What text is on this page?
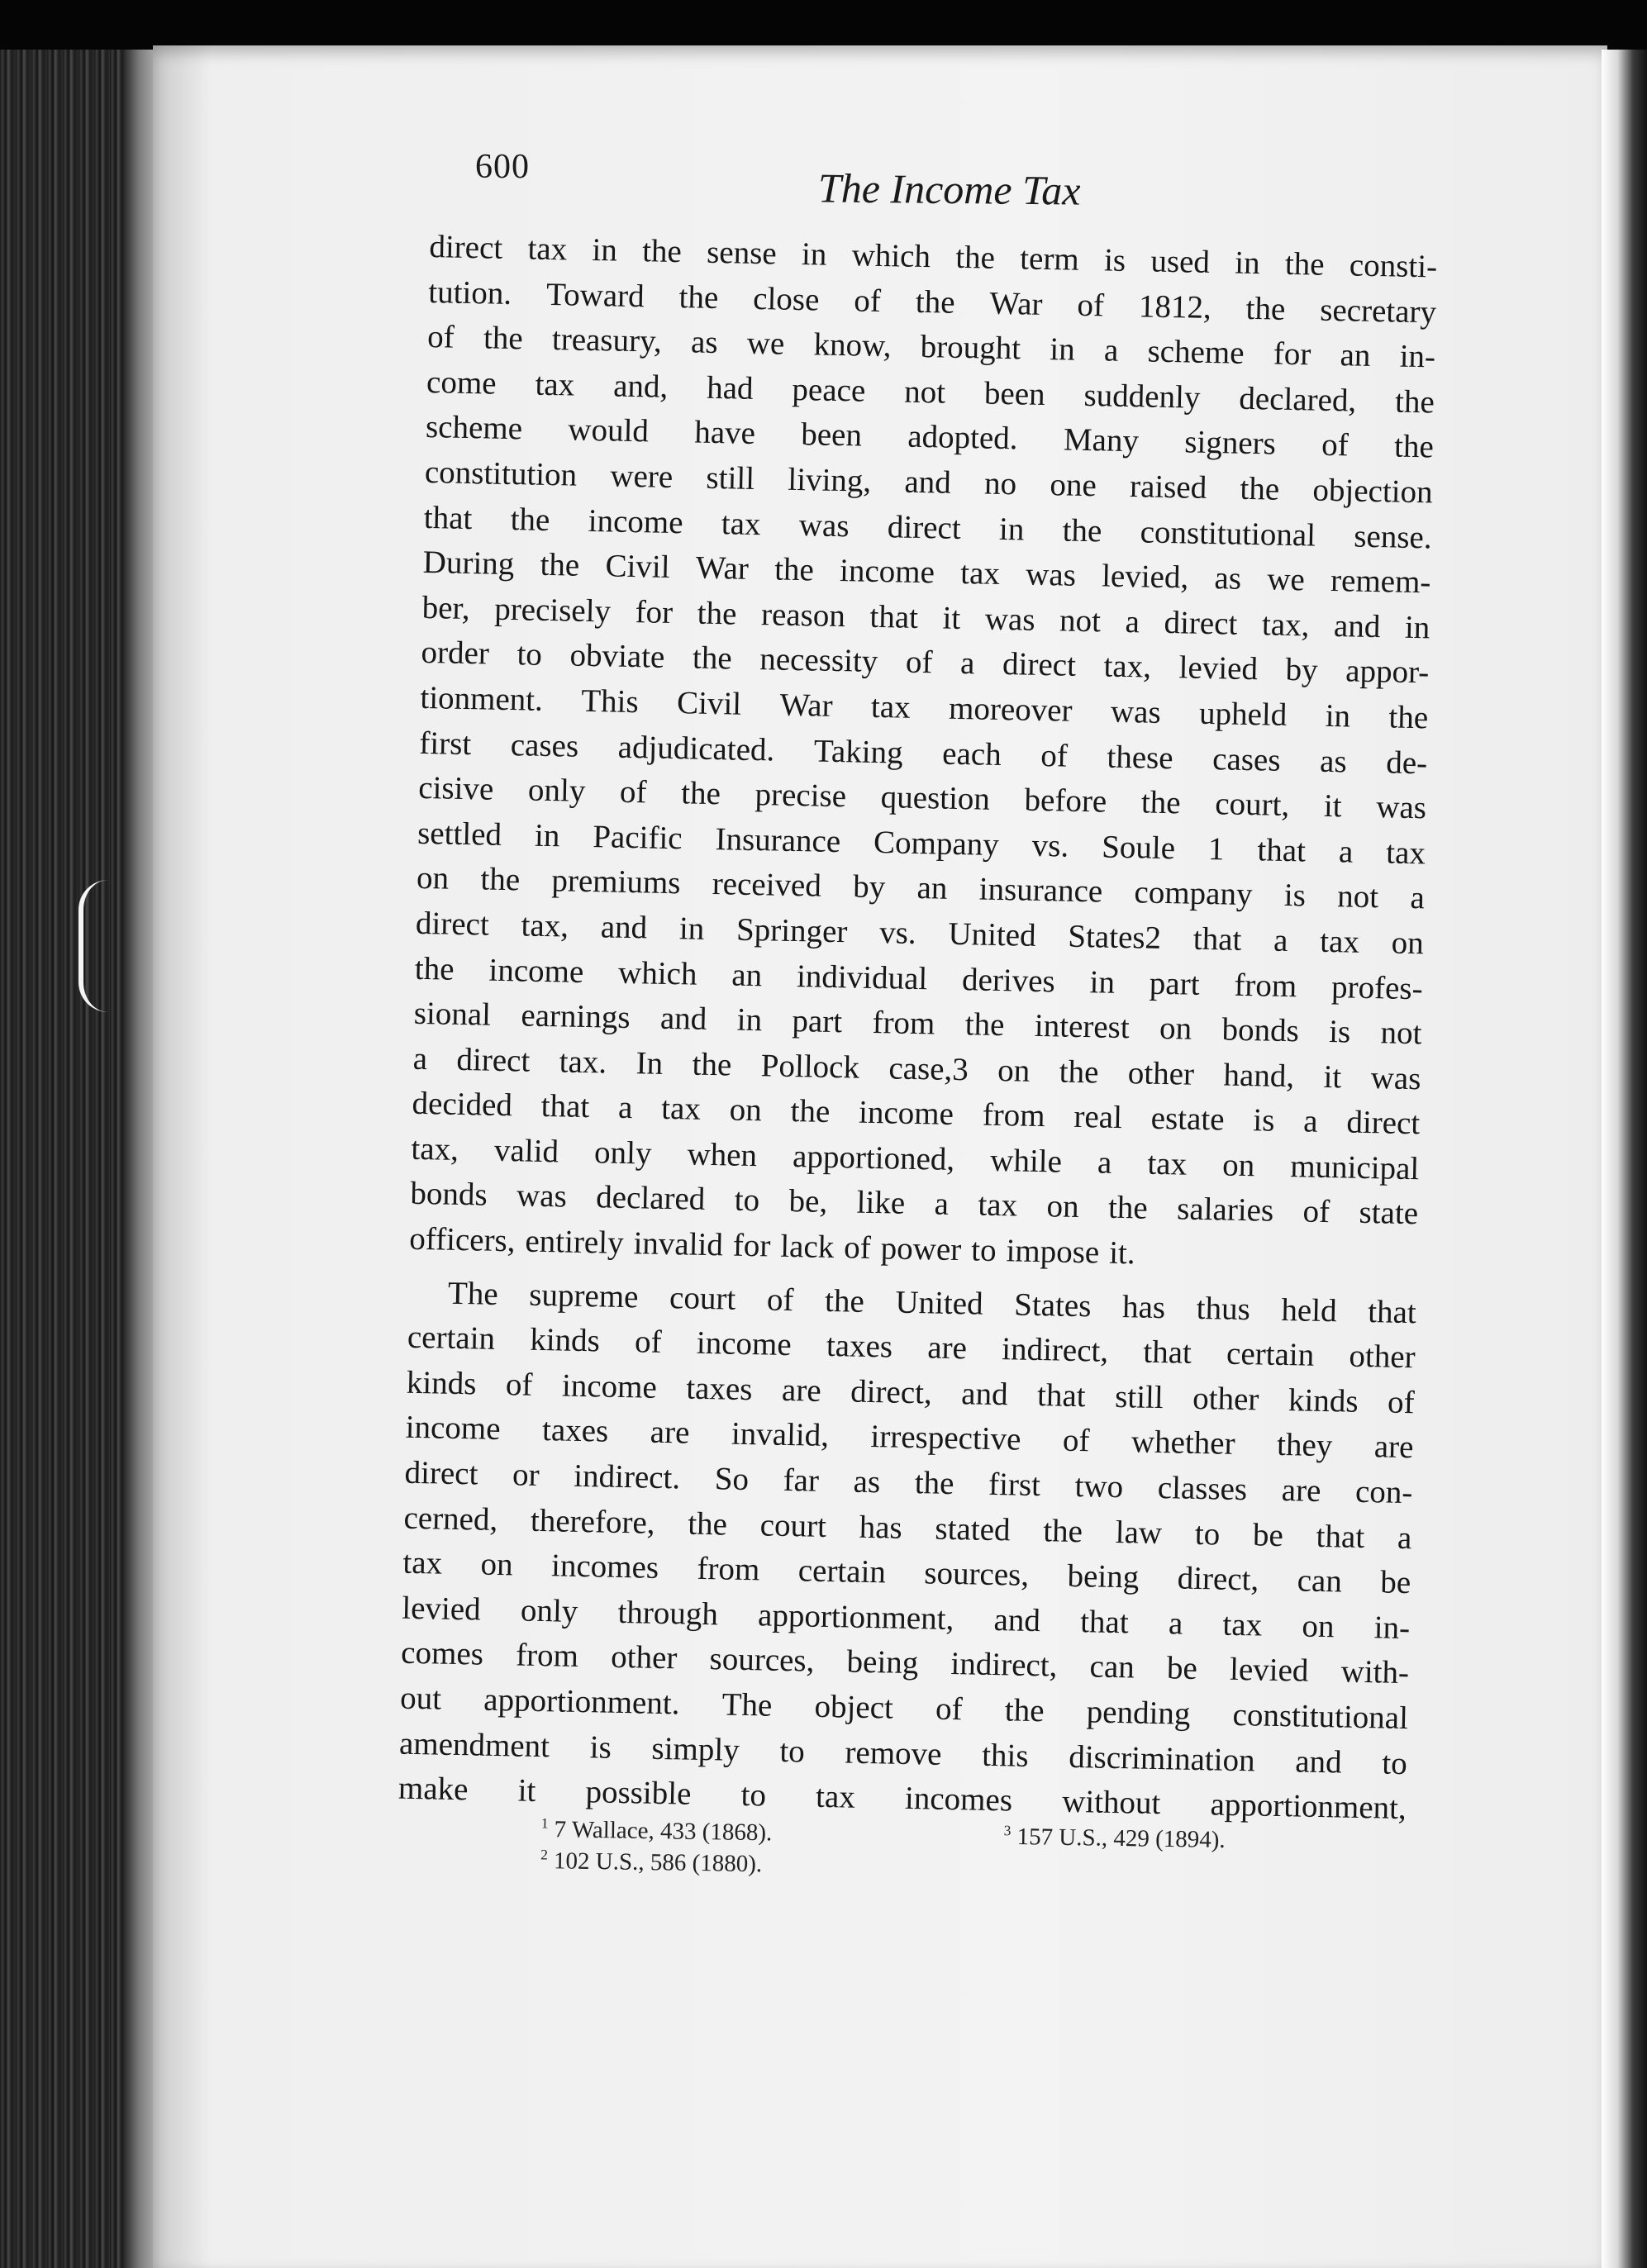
600	The Income Tax
direct tax in the sense in which the term is used in the consti-
tution. Toward the close of the War of 1812, the secretary
of the treasury, as we know, brought in a scheme for an in-
come tax and, had peace not been suddenly declared, the
scheme would have been adopted. Many signers of the
constitution were still living, and no one raised the objection
that the income tax was direct in the constitutional sense.
During the Civil War the income tax was levied, as we remem-
ber, precisely for the reason that it was not a direct tax, and in
order to obviate the necessity of a direct tax, levied by appor-
tionment. This Civil War tax moreover was upheld in the
first cases adjudicated. Taking each of these cases as de-
cisive only of the precise question before the court, it was
settled in Pacific Insurance Company vs. Soule 1 that a tax
on the premiums received by an insurance company is not a
direct tax, and in Springer vs. United States2 that a tax on
the income which an individual derives in part from profes-
sional earnings and in part from the interest on bonds is not
a direct tax. In the Pollock case,3 on the other hand, it was
decided that a tax on the income from real estate is a direct
tax, valid only when apportioned, while a tax on municipal
bonds was declared to be, like a tax on the salaries of state
officers, entirely invalid for lack of power to impose it.
The supreme court of the United States has thus held that
certain kinds of income taxes are indirect, that certain other
kinds of income taxes are direct, and that still other kinds of
income taxes are invalid, irrespective of whether they are
direct or indirect. So far as the first two classes are con-
cerned, therefore, the court has stated the law to be that a
tax on incomes from certain sources, being direct, can be
levied only through apportionment, and that a tax on in-
comes from other sources, being indirect, can be levied with-
out apportionment. The object of the pending constitutional
amendment is simply to remove this discrimination and to
make it possible to tax incomes without apportionment,
$^1$ 7 Wallace, 433 (1868).	$^3$ 157 U.S., 429 (1894).
$^2$ 102 U.S., 586 (1880).
